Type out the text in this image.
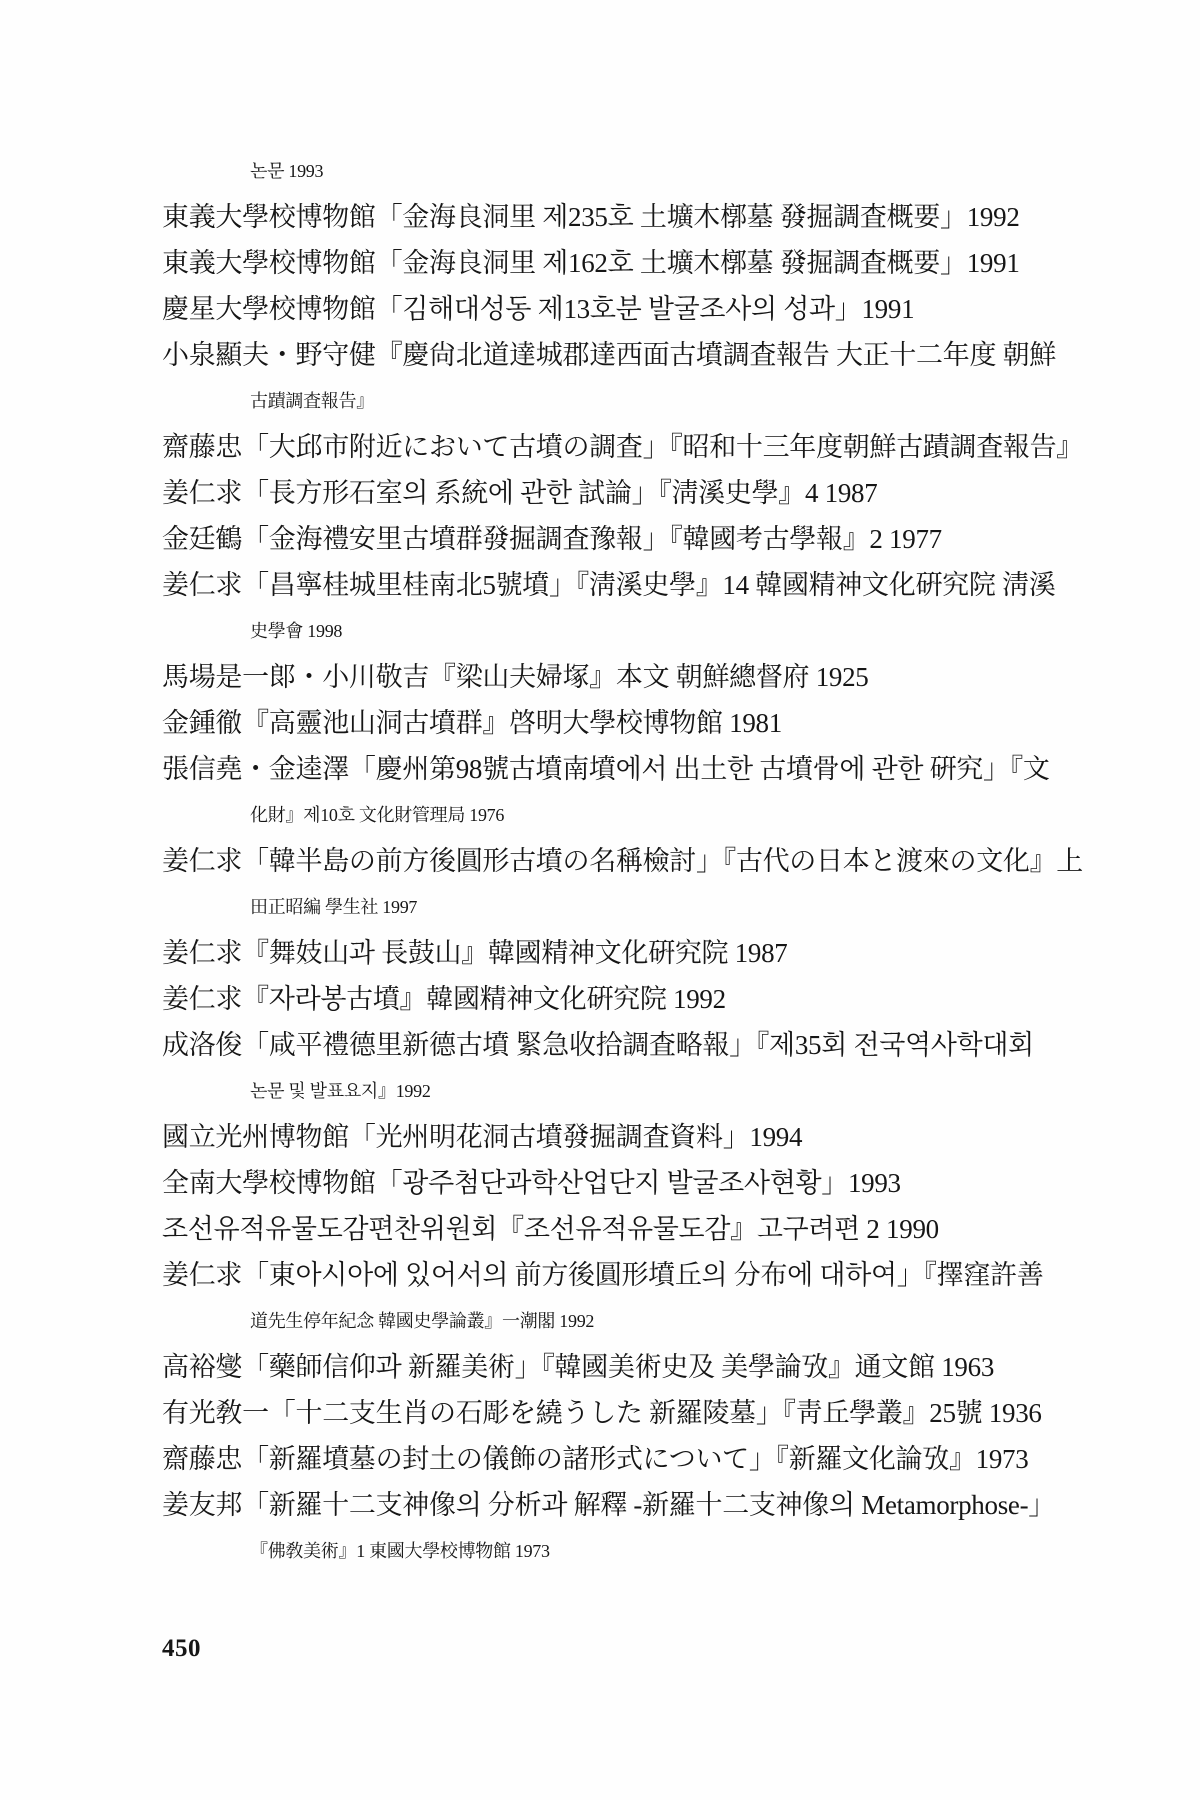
논문 1993
東義大學校博物館「金海良洞里 제235호 土壙木槨墓 發掘調査概要」1992
東義大學校博物館「金海良洞里 제162호 土壙木槨墓 發掘調査概要」1991
慶星大學校博物館「김해대성동 제13호분 발굴조사의 성과」1991
小泉顯夫・野守健『慶尙北道達城郡達西面古墳調査報告 大正十二年度 朝鮮
古蹟調査報告』
齋藤忠「大邱市附近において古墳の調査」『昭和十三年度朝鮮古蹟調査報告』
姜仁求「長方形石室의 系統에 관한 試論」『淸溪史學』4 1987
金廷鶴「金海禮安里古墳群發掘調査豫報」『韓國考古學報』2 1977
姜仁求「昌寧桂城里桂南北5號墳」『淸溪史學』14 韓國精神文化硏究院 淸溪
史學會 1998
馬場是一郞・小川敬吉『梁山夫婦塚』本文 朝鮮總督府 1925
金鍾徹『高靈池山洞古墳群』啓明大學校博物館 1981
張信堯・金逵澤「慶州第98號古墳南墳에서 出土한 古墳骨에 관한 硏究」『文
化財』제10호 文化財管理局 1976
姜仁求「韓半島の前方後圓形古墳の名稱檢討」『古代の日本と渡來の文化』上
田正昭編 學生社 1997
姜仁求『舞妓山과 長鼓山』韓國精神文化硏究院 1987
姜仁求『자라봉古墳』韓國精神文化硏究院 1992
成洛俊「咸平禮德里新德古墳 緊急收拾調査略報」『제35회 전국역사학대회
논문 및 발표요지』1992
國立光州博物館「光州明花洞古墳發掘調査資料」1994
全南大學校博物館「광주첨단과학산업단지 발굴조사현황」1993
조선유적유물도감편찬위원회『조선유적유물도감』고구려편 2 1990
姜仁求「東아시아에 있어서의 前方後圓形墳丘의 分布에 대하여」『擇窪許善
道先生停年紀念 韓國史學論叢』一潮閣 1992
高裕燮「藥師信仰과 新羅美術」『韓國美術史及 美學論攷』通文館 1963
有光敎一「十二支生肖の石彫を繞うした 新羅陵墓」『靑丘學叢』25號 1936
齋藤忠「新羅墳墓の封土の儀飾の諸形式について」『新羅文化論攷』1973
姜友邦「新羅十二支神像의 分析과 解釋 -新羅十二支神像의 Metamorphose-」
『佛敎美術』1 東國大學校博物館 1973
450
